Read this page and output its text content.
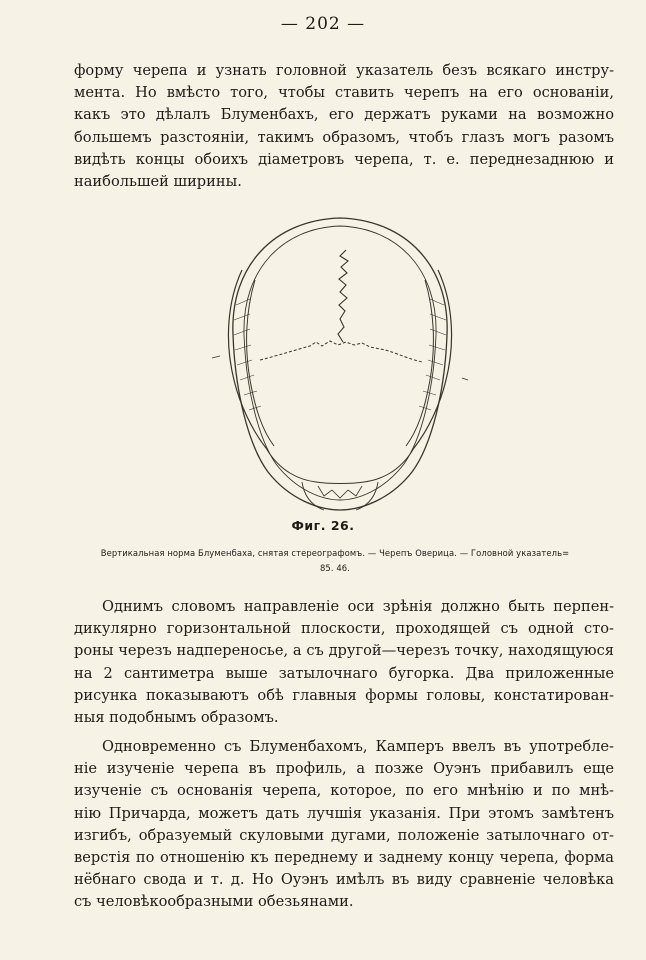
— 202 —

форму черепа и узнать головной указатель безъ всякаго инстру-
мента. Но вмѣсто того, чтобы ставить черепъ на его основанiи,
какъ это дѣлалъ Блуменбахъ, его держатъ руками на возможно
большемъ разстоянiи, такимъ образомъ, чтобъ глазъ могъ разомъ
видѣть концы обоихъ дiаметровъ черепа, т. е. переднезаднюю и
наибольшей ширины.

Фиг. 26.
Вертикальная норма Блуменбаха, снятая стереографомъ. — Черепъ Оверица. — Головной указатель=
85. 46.

Однимъ словомъ направленiе оси зрѣнiя должно быть перпен-
дикулярно горизонтальной плоскости, проходящей съ одной сто-
роны черезъ надпереносье, а съ другой—черезъ точку, находящуюся
на 2 сантиметра выше затылочнаго бугорка. Два приложенные
рисунка показываютъ обѣ главныя формы головы, констатирован-
ныя подобнымъ образомъ.

Одновременно съ Блуменбахомъ, Камперъ ввелъ въ употребле-
нiе изученiе черепа въ профиль, а позже Оуэнъ прибавилъ еще
изученiе съ основанiя черепа, которое, по его мнѣнiю и по мнѣ-
нiю Причарда, можетъ дать лучшiя указанiя. При этомъ замѣтенъ
изгибъ, образуемый скуловыми дугами, положенiе затылочнаго от-
верстiя по отношенiю къ переднему и заднему концу черепа, форма
нёбнаго свода и т. д. Но Оуэнъ имѣлъ въ виду сравненiе человѣка
съ человѣкообразными обезьянами.
